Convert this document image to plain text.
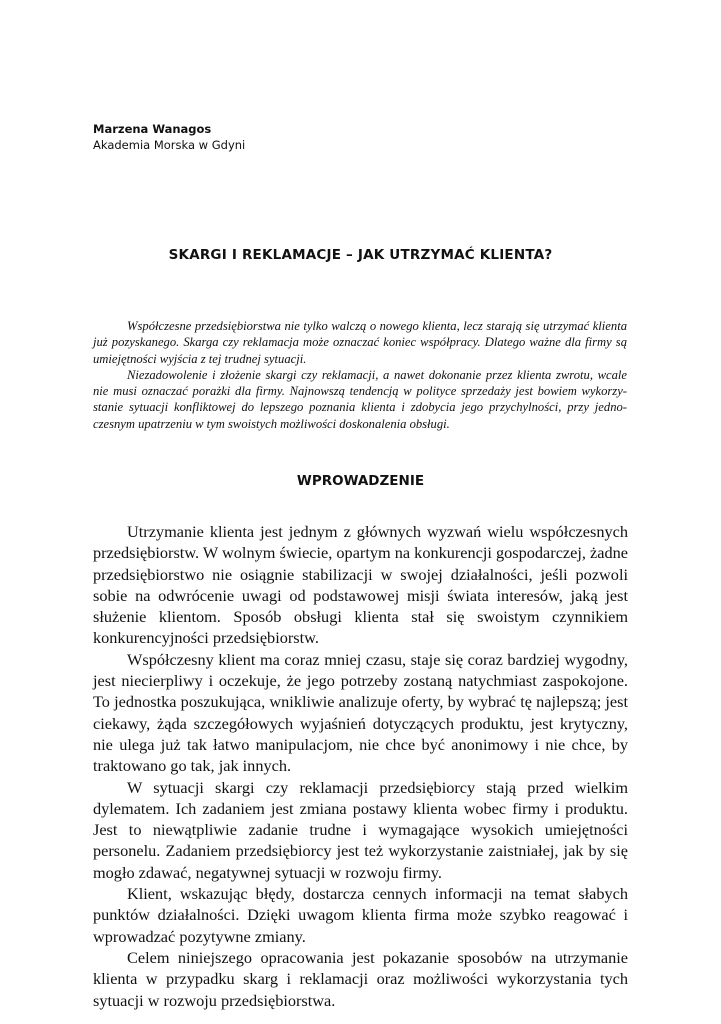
Marzena Wanagos
Akademia Morska w Gdyni
SKARGI I REKLAMACJE – JAK UTRZYMAĆ KLIENTA?

Współczesne przedsiębiorstwa nie tylko walczą o nowego klienta, lecz starają się utrzymać klienta już pozyskanego. Skarga czy reklamacja może oznaczać koniec współpracy. Dlatego ważne dla firmy są umiejętności wyjścia z tej trudnej sytuacji.

Niezadowolenie i złożenie skargi czy reklamacji, a nawet dokonanie przez klienta zwrotu, wcale nie musi oznaczać porażki dla firmy. Najnowszą tendencją w polityce sprzedaży jest bowiem wykorzystanie sytuacji konfliktowej do lepszego poznania klienta i zdobycia jego przychylności, przy jednoczesnym upatrzeniu w tym swoistych możliwości doskonalenia obsługi.

WPROWADZENIE

Utrzymanie klienta jest jednym z głównych wyzwań wielu współczesnych przedsiębiorstw. W wolnym świecie, opartym na konkurencji gospodarczej, żadne przedsiębiorstwo nie osiągnie stabilizacji w swojej działalności, jeśli pozwoli sobie na odwrócenie uwagi od podstawowej misji świata interesów, jaką jest służenie klientom. Sposób obsługi klienta stał się swoistym czynnikiem konkurencyjności przedsiębiorstw.

Współczesny klient ma coraz mniej czasu, staje się coraz bardziej wygodny, jest niecierpliwy i oczekuje, że jego potrzeby zostaną natychmiast zaspokojone. To jednostka poszukująca, wnikliwie analizuje oferty, by wybrać tę najlepszą; jest ciekawy, żąda szczegółowych wyjaśnień dotyczących produktu, jest krytyczny, nie ulega już tak łatwo manipulacjom, nie chce być anonimowy i nie chce, by traktowano go tak, jak innych.

W sytuacji skargi czy reklamacji przedsiębiorcy stają przed wielkim dylematem. Ich zadaniem jest zmiana postawy klienta wobec firmy i produktu. Jest to niewątpliwie zadanie trudne i wymagające wysokich umiejętności personelu. Zadaniem przedsiębiorcy jest też wykorzystanie zaistniałej, jak by się mogło zdawać, negatywnej sytuacji w rozwoju firmy.

Klient, wskazując błędy, dostarcza cennych informacji na temat słabych punktów działalności. Dzięki uwagom klienta firma może szybko reagować i wprowadzać pozytywne zmiany.

Celem niniejszego opracowania jest pokazanie sposobów na utrzymanie klienta w przypadku skarg i reklamacji oraz możliwości wykorzystania tych sytuacji w rozwoju przedsiębiorstwa.
